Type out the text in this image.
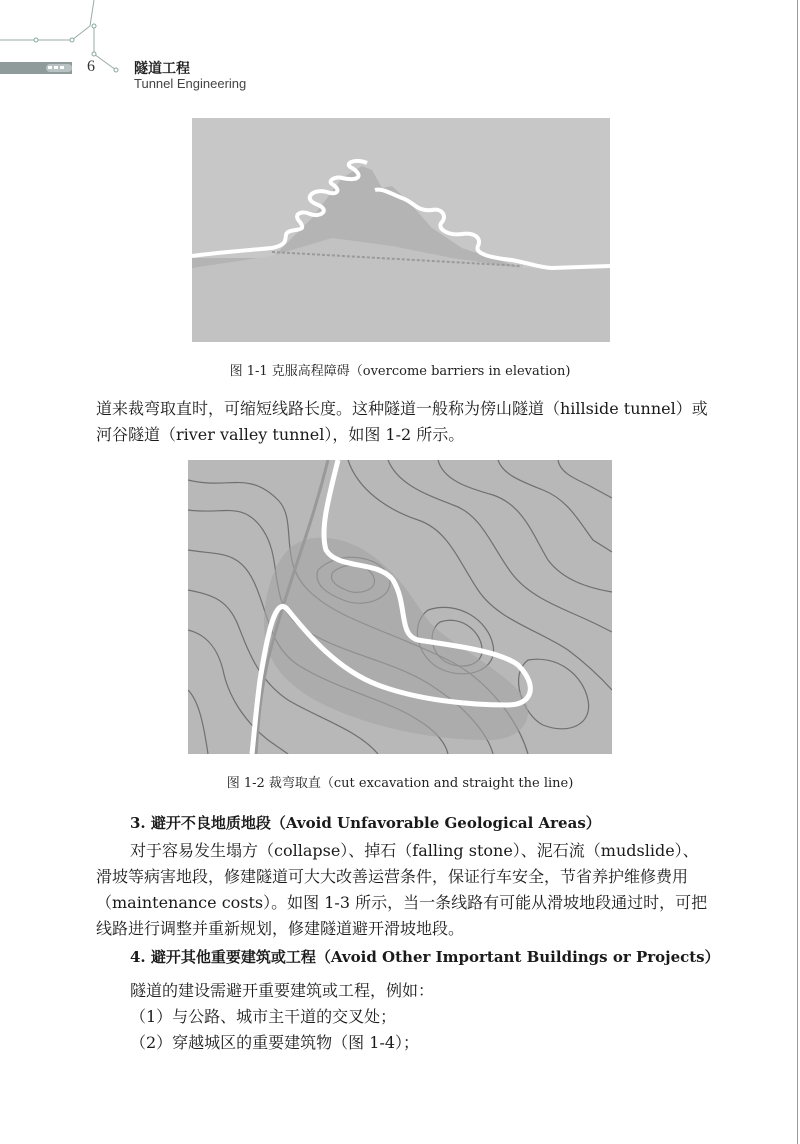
6	隧道工程
Tunnel Engineering
图 1-1 克服高程障碍（overcome barriers in elevation)
道来裁弯取直时，可缩短线路长度。这种隧道一般称为傍山隧道（hillside tunnel）或河谷隧道（river valley tunnel），如图 1-2 所示。
图 1-2 裁弯取直（cut excavation and straight the line)
3. 避开不良地质地段（Avoid Unfavorable Geological Areas）
对于容易发生塌方（collapse）、掉石（falling stone）、泥石流（mudslide）、滑坡等病害地段，修建隧道可大大改善运营条件，保证行车安全，节省养护维修费用（maintenance costs）。如图 1-3 所示，当一条线路有可能从滑坡地段通过时，可把线路进行调整并重新规划，修建隧道避开滑坡地段。
4. 避开其他重要建筑或工程（Avoid Other Important Buildings or Projects）
隧道的建设需避开重要建筑或工程，例如：
（1）与公路、城市主干道的交叉处；
（2）穿越城区的重要建筑物（图 1-4）；
